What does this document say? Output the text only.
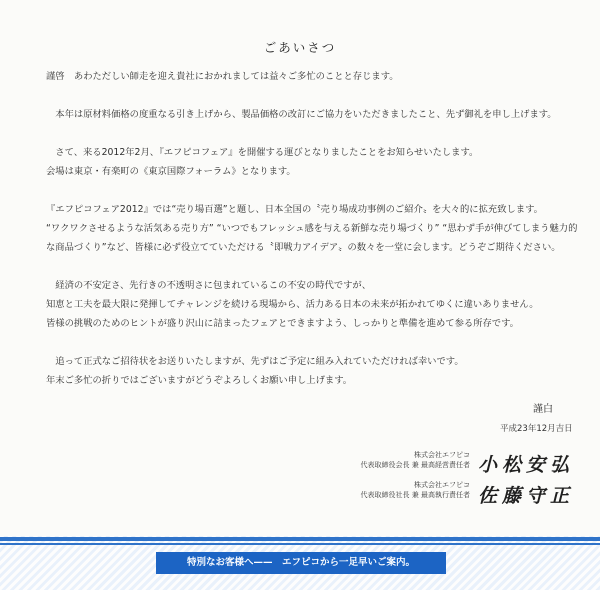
ごあいさつ

謹啓　あわただしい師走を迎え貴社におかれましては益々ご多忙のことと存じます。

　本年は原材料価格の度重なる引き上げから、製品価格の改訂にご協力をいただきましたこと、先ず御礼を申し上げます。

　さて、来る2012年2月、『エフピコフェア』を開催する運びとなりましたことをお知らせいたします。
会場は東京・有楽町の《東京国際フォーラム》となります。

『エフピコフェア2012』では“売り場百選”と題し、日本全国の〝売り場成功事例のご紹介〟を大々的に拡充致します。
“ワクワクさせるような活気ある売り方” “いつでもフレッシュ感を与える新鮮な売り場づくり” “思わず手が伸びてしまう魅力的
な商品づくり”など、皆様に必ず役立てていただける〝即戦力アイデア〟の数々を一堂に会します。どうぞご期待ください。

　経済の不安定さ、先行きの不透明さに包まれているこの不安の時代ですが、
知恵と工夫を最大限に発揮してチャレンジを続ける現場から、活力ある日本の未来が拓かれてゆくに違いありません。
皆様の挑戦のためのヒントが盛り沢山に詰まったフェアとできますよう、しっかりと準備を進めて参る所存です。

　追って正式なご招待状をお送りいたしますが、先ずはご予定に組み入れていただければ幸いです。
年末ご多忙の折りではございますがどうぞよろしくお願い申し上げます。

謹白
平成23年12月吉日
株式会社エフピコ
代表取締役会長 兼 最高経営責任者 小松安弘
株式会社エフピコ
代表取締役社長 兼 最高執行責任者 佐藤守正
特別なお客様へ——　エフピコから一足早いご案内。
